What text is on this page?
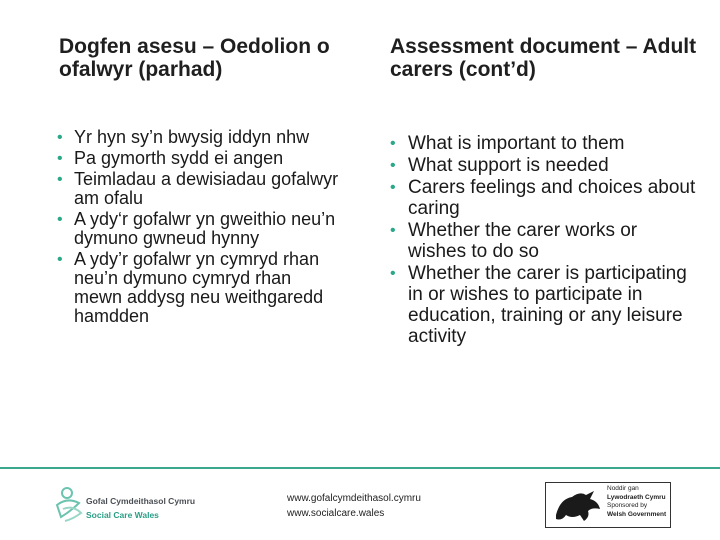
Dogfen asesu – Oedolion o ofalwyr (parhad)
• Yr hyn sy’n bwysig iddyn nhw
• Pa gymorth sydd ei angen
• Teimladau a dewisiadau gofalwyr am ofalu
• A ydy‘r gofalwr yn gweithio neu’n dymuno gwneud hynny
• A ydy’r gofalwr yn cymryd rhan neu’n dymuno cymryd rhan mewn addysg neu weithgaredd hamdden
Assessment document – Adult carers (cont’d)
• What is important to them
• What support is needed
• Carers feelings and choices about caring
• Whether the carer works or wishes to do so
• Whether the carer is participating in or wishes to participate in education, training or any leisure activity
Gofal Cymdeithasol Cymru
Social Care Wales
www.gofalcymdeithasol.cymru
www.socialcare.wales
Noddir gan
Lywodraeth Cymru
Sponsored by
Welsh Government
